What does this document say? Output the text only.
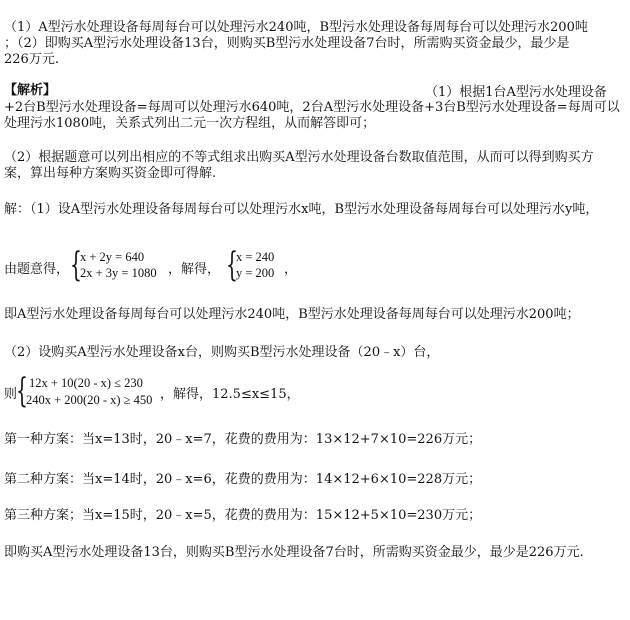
（1）A型污水处理设备每周每台可以处理污水240吨，B型污水处理设备每周每台可以处理污水200吨
；（2）即购买A型污水处理设备13台，则购买B型污水处理设备7台时，所需购买资金最少，最少是
226万元.
【解析】	（1）根据1台A型污水处理设备
+2台B型污水处理设备=每周可以处理污水640吨，2台A型污水处理设备+3台B型污水处理设备=每周可以
处理污水1080吨，关系式列出二元一次方程组，从而解答即可；
（2）根据题意可以列出相应的不等式组求出购买A型污水处理设备台数取值范围，从而可以得到购买方
案，算出每种方案购买资金即可得解.
解：（1）设A型污水处理设备每周每台可以处理污水x吨，B型污水处理设备每周每台可以处理污水y吨，
由题意得， {
x + 2y = 640
2x + 3y = 1080 ，解得， {
x = 240
y = 200 ，
即A型污水处理设备每周每台可以处理污水240吨，B型污水处理设备每周每台可以处理污水200吨；
（2）设购买A型污水处理设备x台，则购买B型污水处理设备（20﹣x）台，
则
{ 12x + 10(20 - x) ≤ 230
240x + 200(20 - x) ≥ 450 ，解得，12.5≤x≤15，
第一种方案：当x=13时，20﹣x=7，花费的费用为：13×12+7×10=226万元；
第二种方案：当x=14时，20﹣x=6，花费的费用为：14×12+6×10=228万元；
第三种方案；当x=15时，20﹣x=5，花费的费用为：15×12+5×10=230万元；
即购买A型污水处理设备13台，则购买B型污水处理设备7台时，所需购买资金最少，最少是226万元.
